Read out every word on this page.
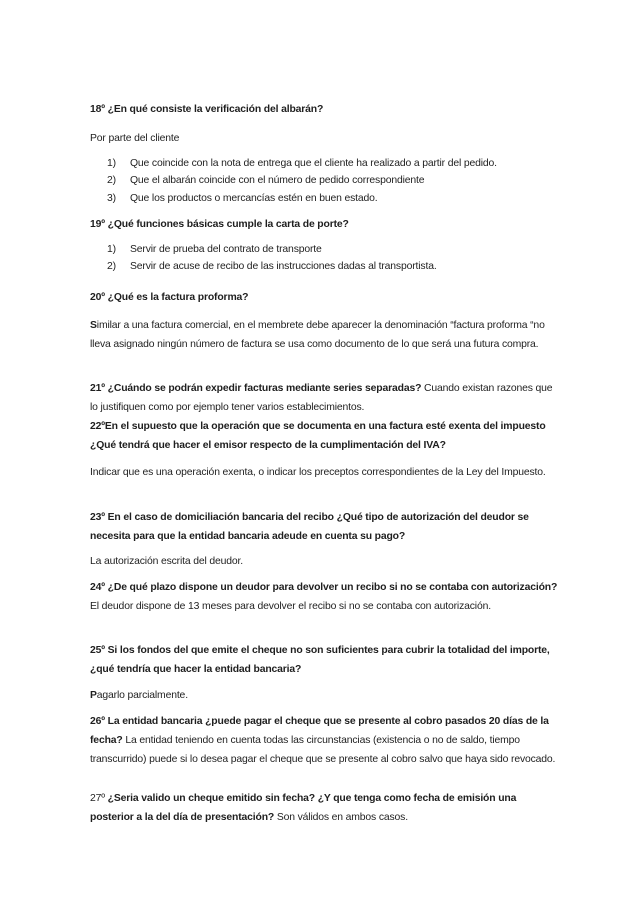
18º ¿En qué consiste la verificación del albarán?
Por parte del cliente
1) Que coincide con la nota de entrega que el cliente ha realizado a partir del pedido.
2) Que el albarán coincide con el número de pedido correspondiente
3) Que los productos o mercancías estén en buen estado.
19º ¿Qué funciones básicas cumple la carta de porte?
1) Servir de prueba del contrato de transporte
2) Servir de acuse de recibo de las instrucciones dadas al transportista.
20º ¿Qué es la factura proforma?
Similar a una factura comercial, en el membrete debe aparecer la denominación “factura proforma “no lleva asignado ningún número de factura se usa como documento de lo que será una futura compra.
21º ¿Cuándo se podrán expedir facturas mediante series separadas? Cuando existan razones que lo justifiquen como por ejemplo tener varios establecimientos.
22ºEn el supuesto que la operación que se documenta en una factura esté exenta del impuesto ¿Qué tendrá que hacer el emisor respecto de la cumplimentación del IVA?
Indicar que es una operación exenta, o indicar los preceptos correspondientes de la Ley del Impuesto.
23º En el caso de domiciliación bancaria del recibo ¿Qué tipo de autorización del deudor se necesita para que la entidad bancaria adeude en cuenta su pago?
La autorización escrita del deudor.
24º ¿De qué plazo dispone un deudor para devolver un recibo si no se contaba con autorización? El deudor dispone de 13 meses para devolver el recibo si no se contaba con autorización.
25º Si los fondos del que emite el cheque no son suficientes para cubrir la totalidad del importe, ¿qué tendría que hacer la entidad bancaria?
Pagarlo parcialmente.
26º La entidad bancaria ¿puede pagar el cheque que se presente al cobro pasados 20 días de la fecha? La entidad teniendo en cuenta todas las circunstancias (existencia o no de saldo, tiempo transcurrido) puede si lo desea pagar el cheque que se presente al cobro salvo que haya sido revocado.
27º ¿Seria valido un cheque emitido sin fecha? ¿Y que tenga como fecha de emisión una posterior a la del día de presentación? Son válidos en ambos casos.
